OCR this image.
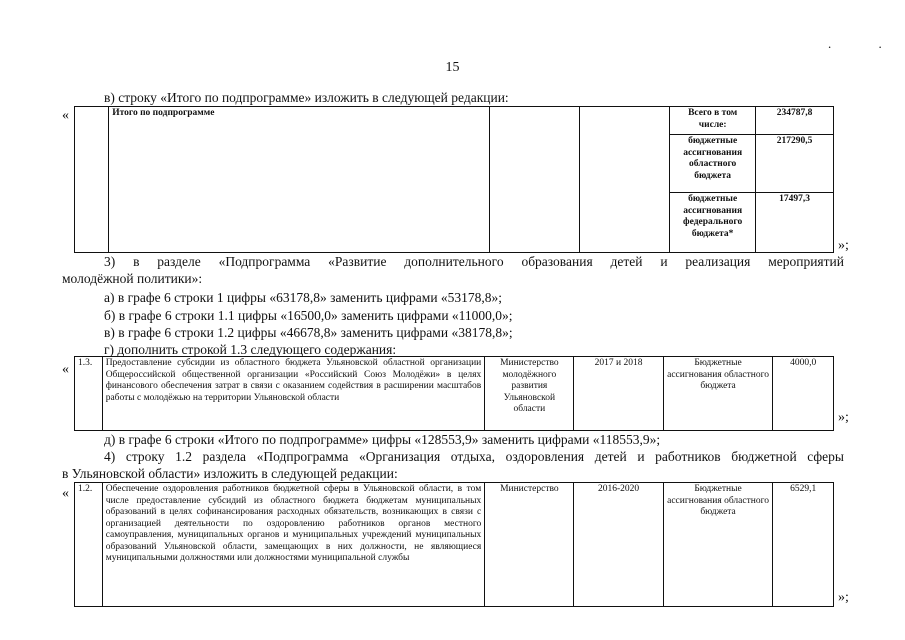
. .
15
в) строку «Итого по подпрограмме» изложить в следующей редакции:
«
		Итого по подпрограмме			Всего в том числе:	234787,8
				бюджетные ассигнования областного бюджета	217290,5
				бюджетные ассигнования федерального бюджета*	17497,3
»;
3) в разделе «Подпрограмма «Развитие дополнительного образования детей и реализация мероприятий
молодёжной политики»:
а) в графе 6 строки 1 цифры «63178,8» заменить цифрами «53178,8»;
б) в графе 6 строки 1.1 цифры «16500,0» заменить цифрами «11000,0»;
в) в графе 6 строки 1.2 цифры «46678,8» заменить цифрами «38178,8»;
г) дополнить строкой 1.3 следующего содержания:
« 1.3.	Предоставление субсидии из областного бюджета Ульяновской областной организации Общероссийской общественной организации «Российский Союз Молодёжи» в целях финансового обеспечения затрат в связи с оказанием содействия в расширении масштабов работы с молодёжью на территории Ульяновской области	Министерство молодёжного развития Ульяновской области	2017 и 2018	Бюджетные ассигнования областного бюджета	4000,0
»;
д) в графе 6 строки «Итого по подпрограмме» цифры «128553,9» заменить цифрами «118553,9»;
4) строку 1.2 раздела «Подпрограмма «Организация отдыха, оздоровления детей и работников бюджетной сферы
в Ульяновской области» изложить в следующей редакции:
« 1.2.	Обеспечение оздоровления работников бюджетной сферы в Ульяновской области, в том числе предоставление субсидий из областного бюджета бюджетам муниципальных образований в целях софинансирования расходных обязательств, возникающих в связи с организацией деятельности по оздоровлению работников органов местного самоуправления, муниципальных органов и муниципальных учреждений муниципальных образований Ульяновской области, замещающих в них должности, не являющиеся муниципальными должностями или должностями муниципальной службы	Министерство	2016-2020	Бюджетные ассигнования областного бюджета	6529,1
»;
